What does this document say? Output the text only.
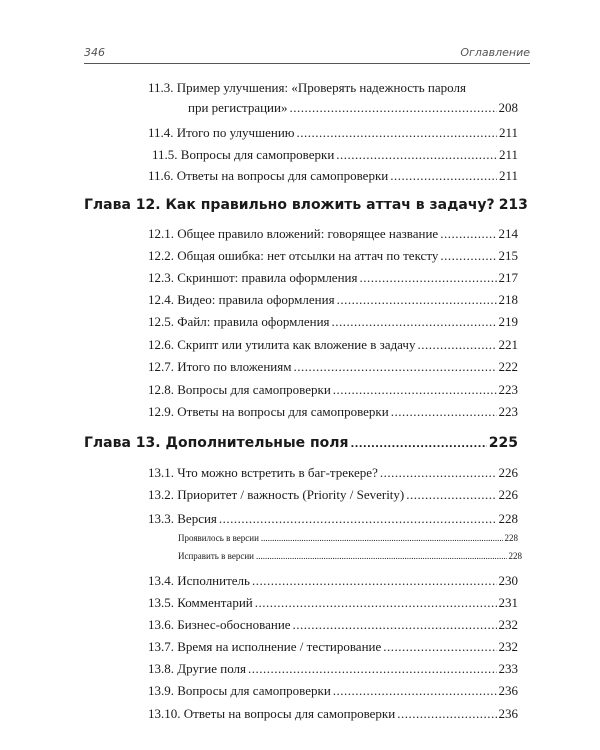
346	Оглавление
11.3. Пример улучшения: «Проверять надежность пароля
при регистрации» .....	208
11.4. Итого по улучшению .....	211
11.5. Вопросы для самопроверки .....	211
11.6. Ответы на вопросы для самопроверки .....	211
Глава 12. Как правильно вложить аттач в задачу? 213
12.1. Общее правило вложений: говорящее название .....	214
12.2. Общая ошибка: нет отсылки на аттач по тексту .....	215
12.3. Скриншот: правила оформления .....	217
12.4. Видео: правила оформления .....	218
12.5. Файл: правила оформления .....	219
12.6. Скрипт или утилита как вложение в задачу .....	221
12.7. Итого по вложениям .....	222
12.8. Вопросы для самопроверки .....	223
12.9. Ответы на вопросы для самопроверки .....	223
Глава 13. Дополнительные поля .....	225
13.1. Что можно встретить в баг-трекере? .....	226
13.2. Приоритет / важность (Priority / Severity) .....	226
13.3. Версия .....	228
Проявилось в версии .....	228
Исправить в версии .....	228
13.4. Исполнитель .....	230
13.5. Комментарий .....	231
13.6. Бизнес-обоснование .....	232
13.7. Время на исполнение / тестирование .....	232
13.8. Другие поля .....	233
13.9. Вопросы для самопроверки .....	236
13.10. Ответы на вопросы для самопроверки .....	236
